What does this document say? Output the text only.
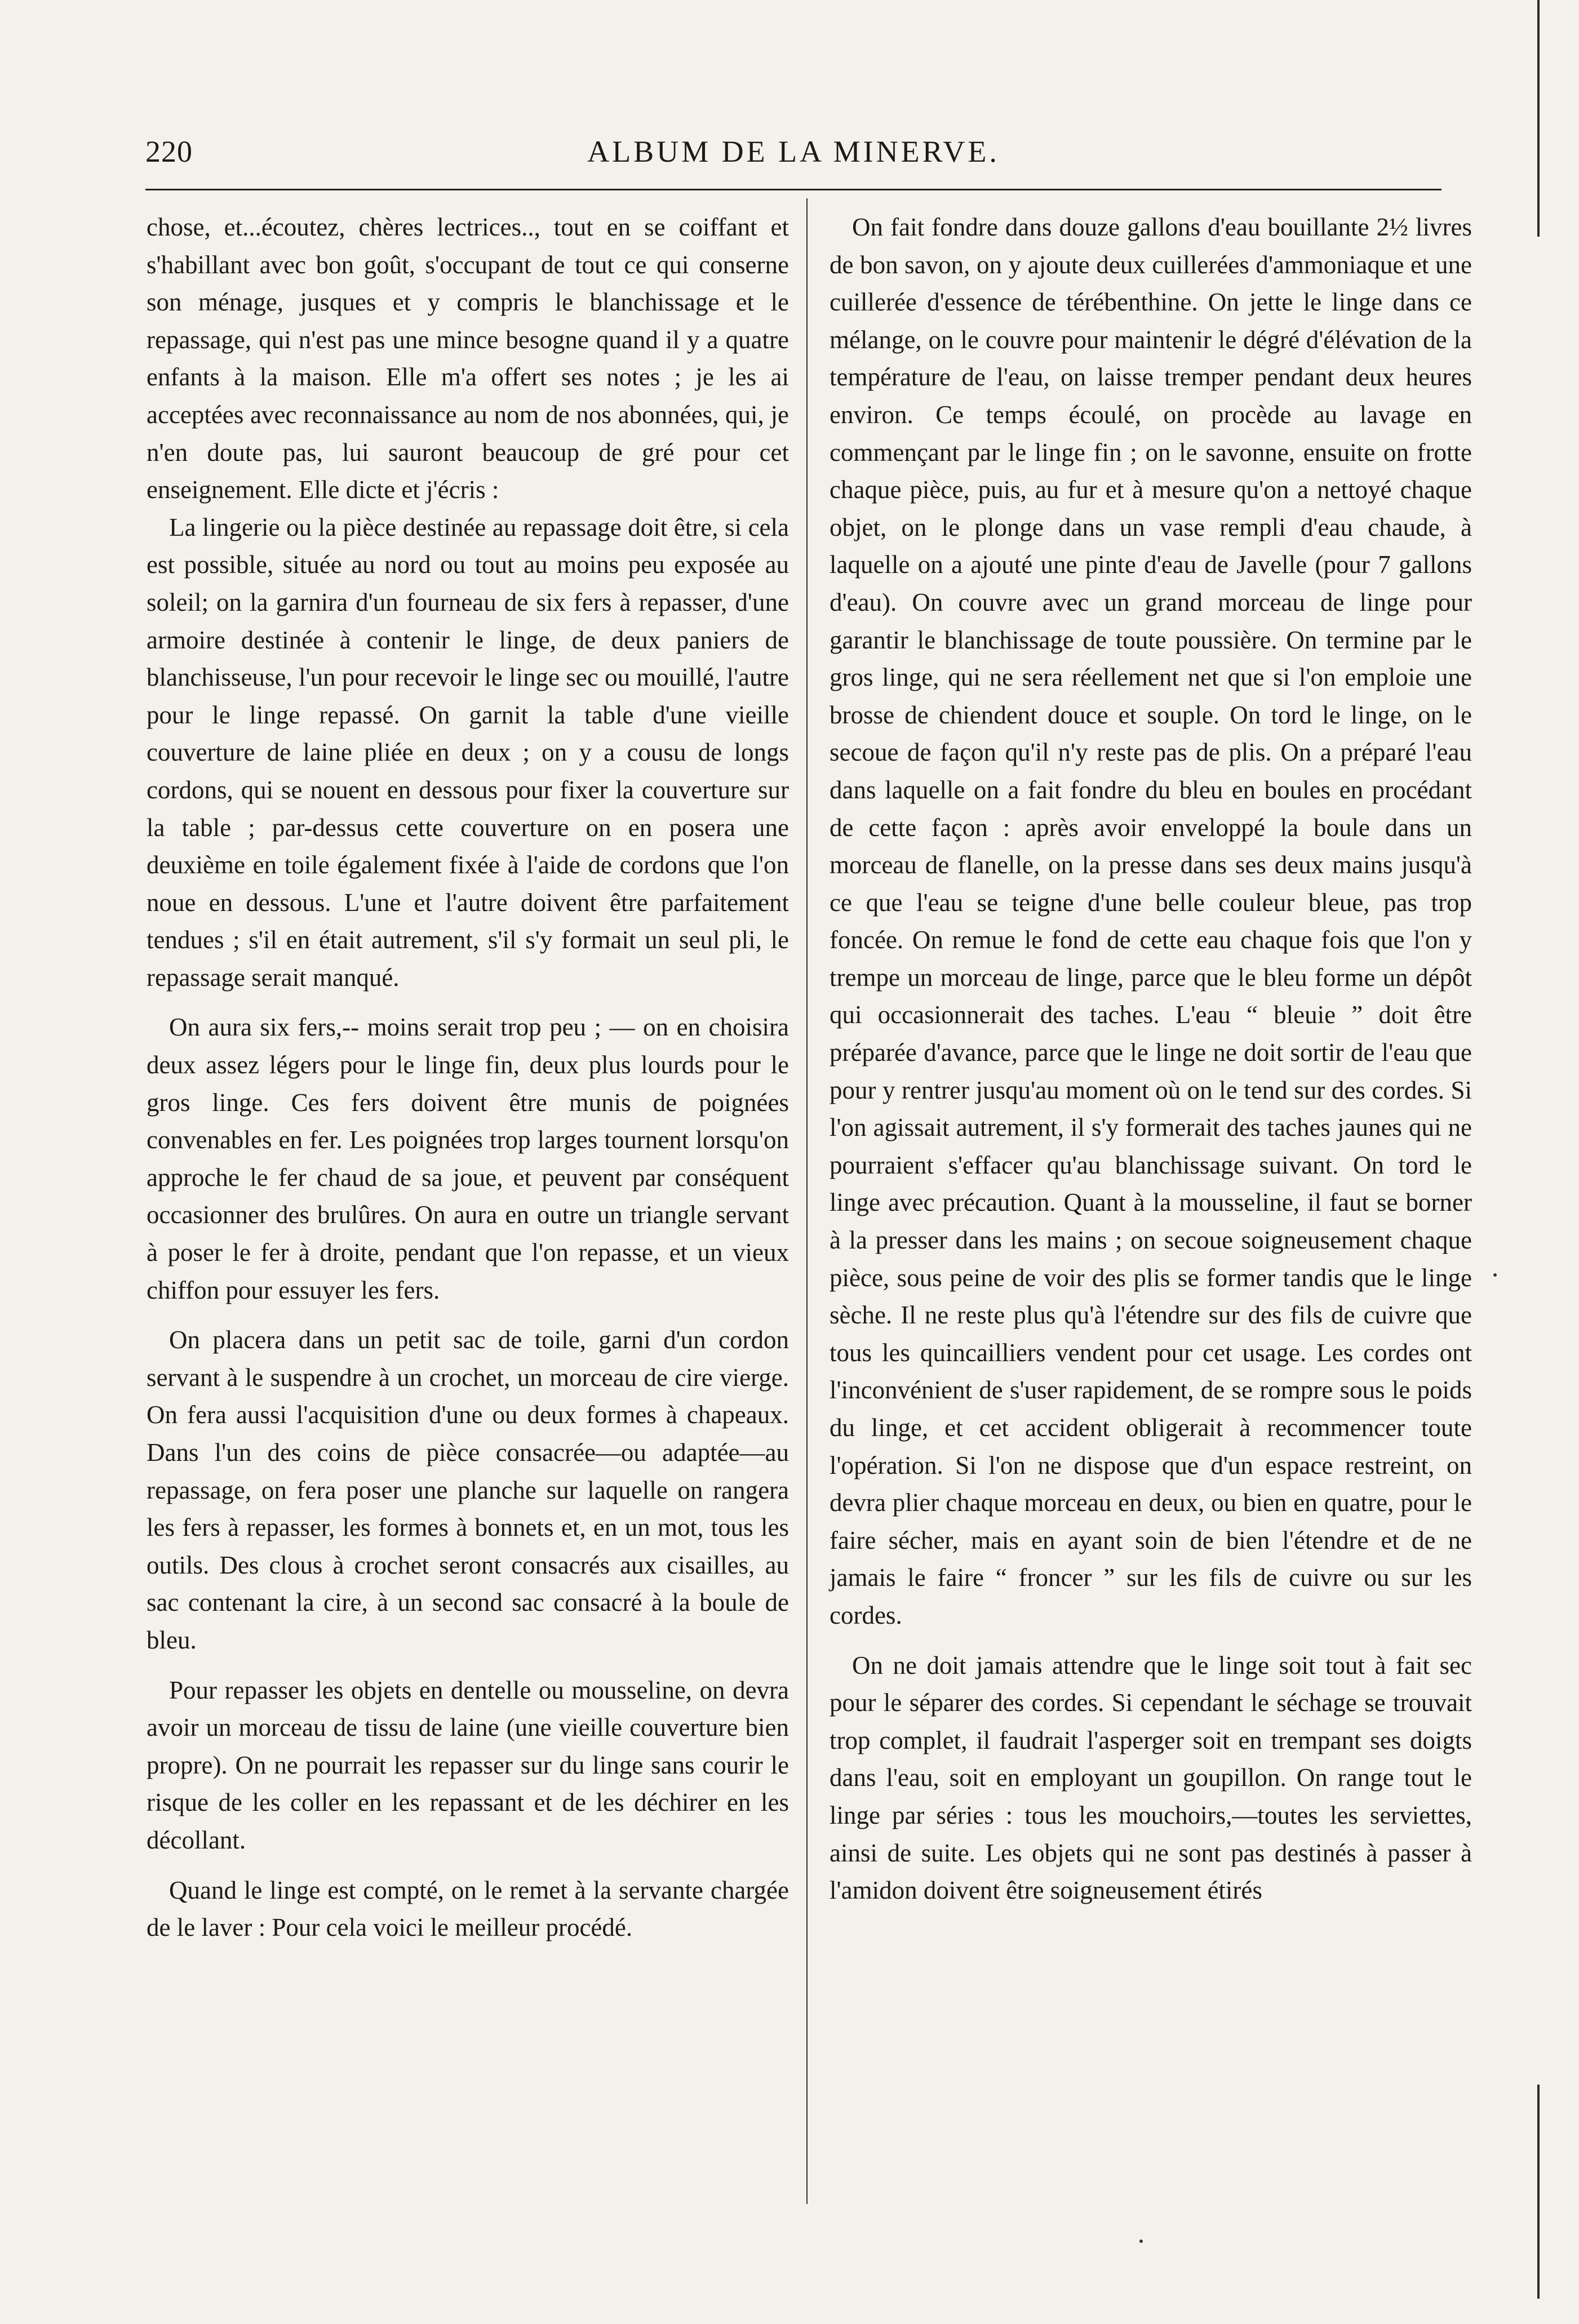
220	ALBUM DE LA MINERVE.

chose, et...écoutez, chères lectrices.., tout en se coiffant et s'habillant avec bon goût, s'occupant de tout ce qui conserne son ménage, jusques et y compris le blanchissage et le repassage, qui n'est pas une mince besogne quand il y a quatre enfants à la maison. Elle m'a offert ses notes ; je les ai acceptées avec reconnaissance au nom de nos abonnées, qui, je n'en doute pas, lui sauront beaucoup de gré pour cet enseignement. Elle dicte et j'écris :

La lingerie ou la pièce destinée au repassage doit être, si cela est possible, située au nord ou tout au moins peu exposée au soleil; on la garnira d'un fourneau de six fers à repasser, d'une armoire destinée à contenir le linge, de deux paniers de blanchisseuse, l'un pour recevoir le linge sec ou mouillé, l'autre pour le linge repassé. On garnit la table d'une vieille couverture de laine pliée en deux ; on y a cousu de longs cordons, qui se nouent en dessous pour fixer la couverture sur la table ; par-dessus cette couverture on en posera une deuxième en toile également fixée à l'aide de cordons que l'on noue en dessous. L'une et l'autre doivent être parfaitement tendues ; s'il en était autrement, s'il s'y formait un seul pli, le repassage serait manqué.

On aura six fers,-- moins serait trop peu ; — on en choisira deux assez légers pour le linge fin, deux plus lourds pour le gros linge. Ces fers doivent être munis de poignées convenables en fer. Les poignées trop larges tournent lorsqu'on approche le fer chaud de sa joue, et peuvent par conséquent occasionner des brulûres. On aura en outre un triangle servant à poser le fer à droite, pendant que l'on repasse, et un vieux chiffon pour essuyer les fers.

On placera dans un petit sac de toile, garni d'un cordon servant à le suspendre à un crochet, un morceau de cire vierge. On fera aussi l'acquisition d'une ou deux formes à chapeaux. Dans l'un des coins de pièce consacrée—ou adaptée—au repassage, on fera poser une planche sur laquelle on rangera les fers à repasser, les formes à bonnets et, en un mot, tous les outils. Des clous à crochet seront consacrés aux cisailles, au sac contenant la cire, à un second sac consacré à la boule de bleu.

Pour repasser les objets en dentelle ou mousseline, on devra avoir un morceau de tissu de laine (une vieille couverture bien propre). On ne pourrait les repasser sur du linge sans courir le risque de les coller en les repassant et de les déchirer en les décollant.

Quand le linge est compté, on le remet à la servante chargée de le laver : Pour cela voici le meilleur procédé.

On fait fondre dans douze gallons d'eau bouillante 2½ livres de bon savon, on y ajoute deux cuillerées d'ammoniaque et une cuillerée d'essence de térébenthine. On jette le linge dans ce mélange, on le couvre pour maintenir le dégré d'élévation de la température de l'eau, on laisse tremper pendant deux heures environ. Ce temps écoulé, on procède au lavage en commençant par le linge fin ; on le savonne, ensuite on frotte chaque pièce, puis, au fur et à mesure qu'on a nettoyé chaque objet, on le plonge dans un vase rempli d'eau chaude, à laquelle on a ajouté une pinte d'eau de Javelle (pour 7 gallons d'eau). On couvre avec un grand morceau de linge pour garantir le blanchissage de toute poussière. On termine par le gros linge, qui ne sera réellement net que si l'on emploie une brosse de chiendent douce et souple. On tord le linge, on le secoue de façon qu'il n'y reste pas de plis. On a préparé l'eau dans laquelle on a fait fondre du bleu en boules en procédant de cette façon : après avoir enveloppé la boule dans un morceau de flanelle, on la presse dans ses deux mains jusqu'à ce que l'eau se teigne d'une belle couleur bleue, pas trop foncée. On remue le fond de cette eau chaque fois que l'on y trempe un morceau de linge, parce que le bleu forme un dépôt qui occasionnerait des taches. L'eau “ bleuie ” doit être préparée d'avance, parce que le linge ne doit sortir de l'eau que pour y rentrer jusqu'au moment où on le tend sur des cordes. Si l'on agissait autrement, il s'y formerait des taches jaunes qui ne pourraient s'effacer qu'au blanchissage suivant. On tord le linge avec précaution. Quant à la mousseline, il faut se borner à la presser dans les mains ; on secoue soigneusement chaque pièce, sous peine de voir des plis se former tandis que le linge sèche. Il ne reste plus qu'à l'étendre sur des fils de cuivre que tous les quincailliers vendent pour cet usage. Les cordes ont l'inconvénient de s'user rapidement, de se rompre sous le poids du linge, et cet accident obligerait à recommencer toute l'opération. Si l'on ne dispose que d'un espace restreint, on devra plier chaque morceau en deux, ou bien en quatre, pour le faire sécher, mais en ayant soin de bien l'étendre et de ne jamais le faire “ froncer ” sur les fils de cuivre ou sur les cordes.

On ne doit jamais attendre que le linge soit tout à fait sec pour le séparer des cordes. Si cependant le séchage se trouvait trop complet, il faudrait l'asperger soit en trempant ses doigts dans l'eau, soit en employant un goupillon. On range tout le linge par séries : tous les mouchoirs,—toutes les serviettes, ainsi de suite. Les objets qui ne sont pas destinés à passer à l'amidon doivent être soigneusement étirés
